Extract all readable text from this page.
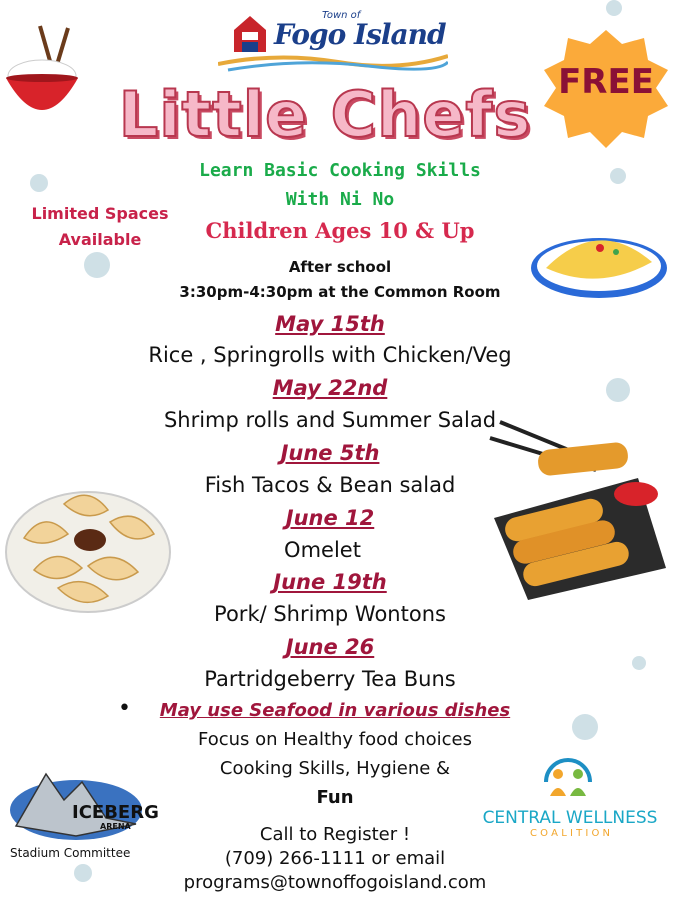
Town of
Fogo Island
Little Chefs FREE
Learn Basic Cooking Skills
With Ni No
Limited Spaces
Available	Children Ages 10 & Up
After school
3:30pm-4:30pm at the Common Room
May 15th
Rice , Springrolls with Chicken/Veg
May 22nd
Shrimp rolls and Summer Salad
June 5th
Fish Tacos & Bean salad
June 12
Omelet
June 19th
Pork/ Shrimp Wontons
June 26
Partridgeberry Tea Buns
•	May use Seafood in various dishes
Focus on Healthy food choices
Cooking Skills, Hygiene &
Fun
Call to Register !
(709) 266-1111 or email
programs@townoffogoisland.com
ICEBERG
ARENA
Stadium Committee
CENTRAL WELLNESS
C O A L I T I O N
